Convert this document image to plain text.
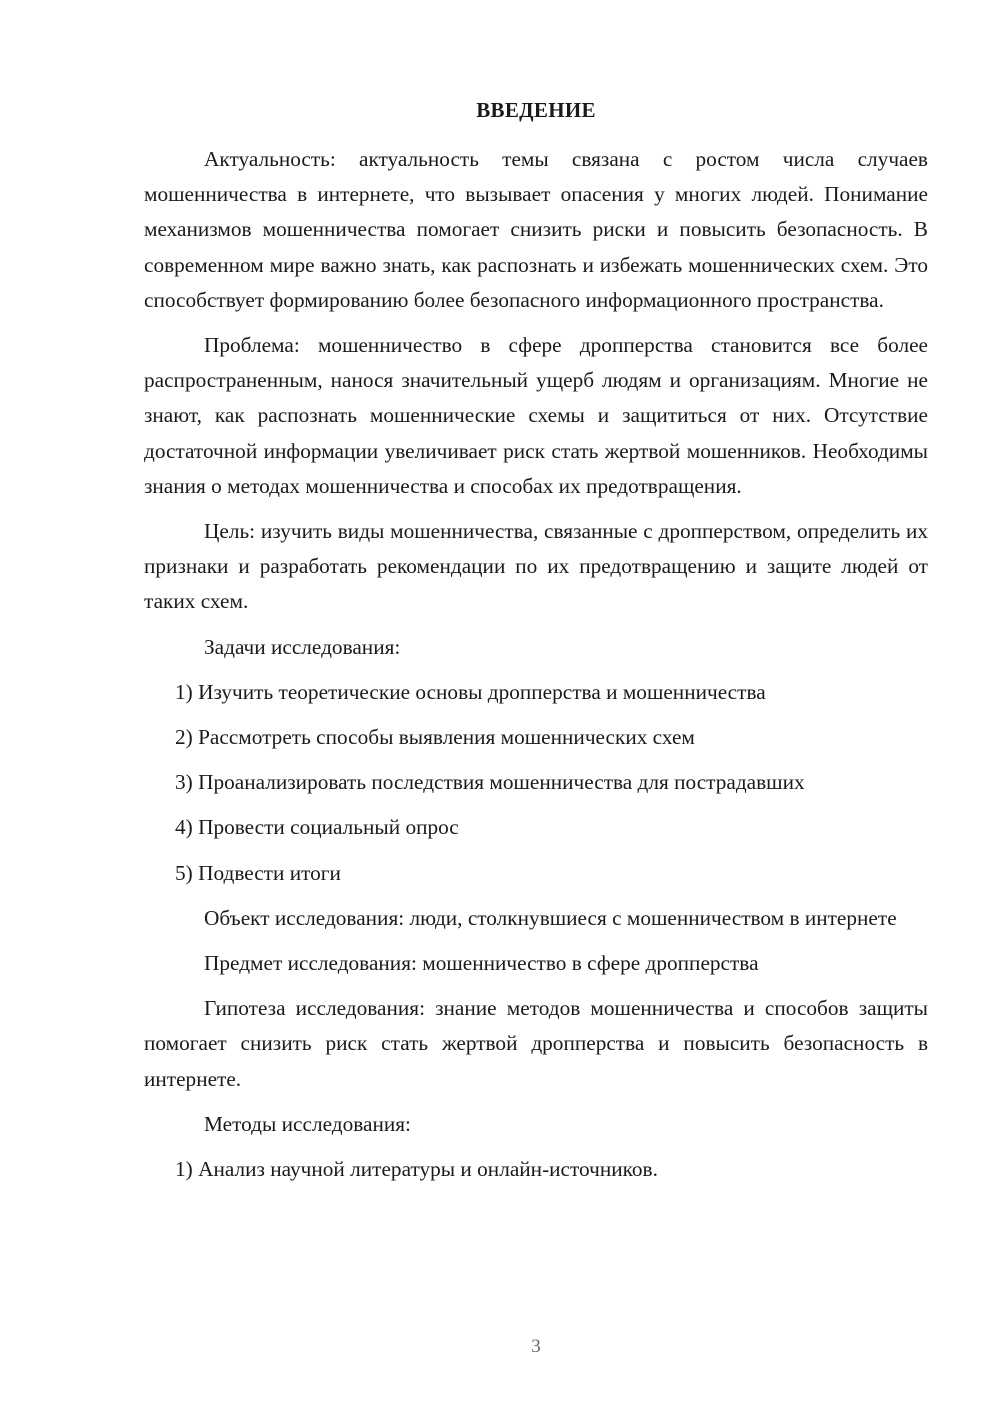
ВВЕДЕНИЕ

Актуальность: актуальность темы связана с ростом числа случаев мошенничества в интернете, что вызывает опасения у многих людей. Понимание механизмов мошенничества помогает снизить риски и повысить безопасность. В современном мире важно знать, как распознать и избежать мошеннических схем. Это способствует формированию более безопасного информационного пространства.

Проблема: мошенничество в сфере дропперства становится все более распространенным, нанося значительный ущерб людям и организациям. Многие не знают, как распознать мошеннические схемы и защититься от них. Отсутствие достаточной информации увеличивает риск стать жертвой мошенников. Необходимы знания о методах мошенничества и способах их предотвращения.

Цель: изучить виды мошенничества, связанные с дропперством, определить их признаки и разработать рекомендации по их предотвращению и защите людей от таких схем.

Задачи исследования:

1) Изучить теоретические основы дропперства и мошенничества

2) Рассмотреть способы выявления мошеннических схем

3) Проанализировать последствия мошенничества для пострадавших

4) Провести социальный опрос

5) Подвести итоги

Объект исследования: люди, столкнувшиеся с мошенничеством в интернете

Предмет исследования: мошенничество в сфере дропперства

Гипотеза исследования: знание методов мошенничества и способов защиты помогает снизить риск стать жертвой дропперства и повысить безопасность в интернете.

Методы исследования:

1) Анализ научной литературы и онлайн-источников.

3
